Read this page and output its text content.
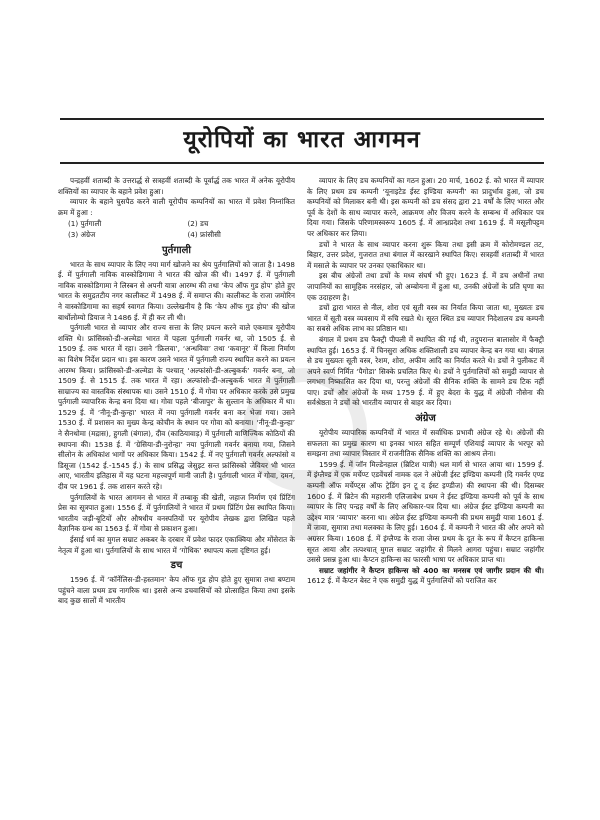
यूरोपियों का भारत आगमन

पन्द्रहवीं शताब्दी के उत्तरार्द्ध से सत्रहवीं शताब्दी के पूर्वार्द्ध तक भारत में अनेक यूरोपीय शक्तियों का व्यापार के बहाने प्रवेश हुआ।

व्यापार के बहाने घुसपैठ करने वाली यूरोपीय कम्पनियों का भारत में प्रवेश निम्नांकित क्रम में हुआ :

(1) पुर्तगाली	(2) डच
(3) अंग्रेज	(4) फ्रांसीसी
पुर्तगाली

भारत के साथ व्यापार के लिए नया मार्ग खोजने का श्रेय पुर्तगालियों को जाता है। 1498 ई. में पुर्तगाली नाविक वास्कोडिगामा ने भारत की खोज की थी। 1497 ई. में पुर्तगाली नाविक वास्कोडिगामा ने लिस्बन से अपनी यात्रा आरम्भ की तथा ‘केप ऑफ गुड होप’ होते हुए भारत के समुद्रतटीय नगर कालीकट में 1498 ई. में समाप्त की। कालीकट के राजा जमोरिन ने वास्कोडिगामा का सहर्ष स्वागत किया। उल्लेखनीय है कि ‘केप ऑफ गुड होप’ की खोज बार्थोलोम्यो डियाज ने 1486 ई. में ही कर ली थी।

पुर्तगाली भारत से व्यापार और राज्य सत्ता के लिए प्रयत्न करने वाले एकमात्र यूरोपीय शक्ति थे। फ्रांसिस्को-डी-अल्मेडा भारत में पहला पुर्तगाली गवर्नर था, जो 1505 ई. से 1509 ई. तक भारत में रहा। उसने ‘फ्रिलवा’, ‘अन्धविवा’ तथा ‘कवानूर’ में किला निर्माण का विशेष निर्देश प्रदान था। इस कारण उसने भारत में पुर्तगाली राज्य स्थापित करने का प्रयत्न आरम्भ किया। फ्रांसिस्को-डी-अल्मेडा के पश्चात् ‘अल्फांसो-डी-अल्बुकर्क’ गवर्नर बना, जो 1509 ई. से 1515 ई. तक भारत में रहा। अल्फांसो-डी-अल्बुकर्क भारत में पुर्तगाली साम्राज्य का वास्तविक संस्थापक था। उसने 1510 ई. में गोवा पर अधिकार करके उसे प्रमुख पुर्तगाली व्यापारिक केन्द्र बना दिया था। गोवा पहले ‘बीजापुर’ के सुल्तान के अधिकार में था। 1529 ई. में ‘नीनू-डी-कुन्हा’ भारत में नया पुर्तगाली गवर्नर बना कर भेजा गया। उसने 1530 ई. में प्रशासन का मुख्य केन्द्र कोचीन के स्थान पर गोवा को बनाया। ‘नीनू-डी-कुन्हा’ ने सैनथोमा (मद्रास), हुगली (बंगाल), दीव (काठियावाड़) में पुर्तगाली वाणिज्यिक कोठियों की स्थापना की। 1538 ई. में ‘ग्रेसिया-डी-नुरोन्हा’ नया पुर्तगाली गवर्नर बनाया गया, जिसने सीलोन के अधिकांश भागों पर अधिकार किया। 1542 ई. में नए पुर्तगाली गवर्नर अल्फांसो व डिसूजा (1542 ई.-1545 ई.) के साथ प्रसिद्ध जेसुइट सन्त फ्रांसिस्को जेवियर भी भारत आए, भारतीय इतिहास में यह घटना महत्त्वपूर्ण मानी जाती है। पुर्तगाली भारत में गोवा, दमन, दीव पर 1961 ई. तक शासन करते रहे।

पुर्तगालियों के भारत आगमन से भारत में तम्बाकू की खेती, जहाज निर्माण एवं प्रिंटिंग प्रेस का सूत्रपात हुआ। 1556 ई. में पुर्तगालियों ने भारत में प्रथम प्रिंटिंग प्रेस स्थापित किया। भारतीय जड़ी-बूटियों और औषधीय वनस्पतियों पर यूरोपीय लेखक द्वारा लिखित पहले वैज्ञानिक ग्रन्थ का 1563 ई. में गोवा से प्रकाशन हुआ।

ईसाई धर्म का मुगल सम्राट अकबर के दरबार में प्रवेश फादर एकाक्विया और मोंसेरात के नेतृत्व में हुआ था। पुर्तगालियों के साथ भारत में ‘गोथिक’ स्थापत्य कला दृष्टिगत हुई।

डच

1596 ई. में ‘कॉर्नेलिस-डी-हस्तमान’ केप ऑफ गुड होप होते हुए सुमात्रा तथा बण्टाम पहुंचने वाला प्रथम डच नागरिक था। इससे अन्य डचवासियों को प्रोत्साहित किया तथा इसके बाद कुछ सालों में भारतीय

व्यापार के लिए डच कम्पनियों का गठन हुआ। 20 मार्च, 1602 ई. को भारत में व्यापार के लिए प्रथम डच कम्पनी ‘यूनाइटेड ईस्ट इण्डिया कम्पनी’ का प्रादुर्भाव हुआ, जो डच कम्पनियों को मिलाकर बनी थी। इस कम्पनी को डच संसद द्वारा 21 वर्षों के लिए भारत और पूर्व के देशों के साथ व्यापार करने, आक्रमण और विजय करने के सम्बन्ध में अधिकार पत्र दिया गया। जिसके परिणामस्वरूप 1605 ई. में आन्ध्रप्रदेश तथा 1619 ई. में मसूलीपट्टम पर अधिकार कर लिया।

डचों ने भारत के साथ व्यापार करना शुरू किया तथा इसी क्रम में कोरोमण्डल तट, बिहार, उत्तर प्रदेश, गुजरात तथा बंगाल में कारखाने स्थापित किए। सत्रहवीं शताब्दी में भारत में मसाले के व्यापार पर उनका एकाधिकार था।

इस बीच अंग्रेजों तथा डचों के मध्य संघर्ष भी हुए। 1623 ई. में डच अधीनों तथा जापानियों का सामूहिक नरसंहार, जो अम्बोयना में हुआ था, उनकी अंग्रेजों के प्रति घृणा का एक उदाहरण है।

डचों द्वारा भारत से नील, शोरा एवं सूती वस्त्र का निर्यात किया जाता था, मुख्यतः डच भारत में सूती वस्त्र व्यवसाय में रुचि रखते थे। सूरत स्थित डच व्यापार निदेशालय डच कम्पनी का सबसे अधिक लाभ का प्रतिष्ठान था।

बंगाल में प्रथम डच फैक्ट्री पीपली में स्थापित की गई थी, तदुपरान्त बालासोर में फैक्ट्री स्थापित हुई। 1653 ई. में चिनसुरा अधिक शक्तिशाली डच व्यापार केन्द्र बन गया था। बंगाल से डच मुख्यतः सूती वस्त्र, रेशम, शोरा, अफीम आदि का निर्यात करते थे। डचों ने पुलीकट में अपने स्वर्ण निर्मित ‘पैगोडा’ सिक्के प्रचलित किए थे। डचों ने पुर्तगालियों को समुद्री व्यापार से लगभग निष्कासित कर दिया था, परन्तु अंग्रेजों की सैनिक शक्ति के सामने डच टिक नहीं पाए। डचों और अंग्रेजों के मध्य 1759 ई. में हुए बेदरा के युद्ध में अंग्रेजी नौसेना की सर्वश्रेष्ठता ने डचों को भारतीय व्यापार से बाहर कर दिया।

अंग्रेज

यूरोपीय व्यापारिक कम्पनियों में भारत में सर्वाधिक प्रभावी अंग्रेज रहे थे। अंग्रेजों की सफलता का प्रमुख कारण था इनका भारत सहित सम्पूर्ण एशियाई व्यापार के भरपूर को समझना तथा व्यापार विस्तार में राजनीतिक सैनिक शक्ति का आश्रय लेना।

1599 ई. में जॉन मिल्डेनहाल (ब्रिटिश यात्री) थल मार्ग से भारत आया था। 1599 ई. में इंग्लैण्ड में एक मर्चेण्ट एडवेंचर्स नामक दल ने अंग्रेजी ईस्ट इण्डिया कम्पनी (दि गवर्नर एण्ड कम्पनी ऑफ मर्चेण्ट्स ऑफ ट्रेडिंग इन टू द ईस्ट इण्डीज) की स्थापना की थी। दिसम्बर 1600 ई. में ब्रिटेन की महारानी एलिजाबेथ प्रथम ने ईस्ट इण्डिया कम्पनी को पूर्व के साथ व्यापार के लिए पन्द्रह वर्षों के लिए अधिकार-पत्र दिया था। अंग्रेज ईस्ट इण्डिया कम्पनी का उद्देश्य मात्र ‘व्यापार’ करना था। अंग्रेज ईस्ट इण्डिया कम्पनी की प्रथम समुद्री यात्रा 1601 ई. में जावा, सुमात्रा तथा मलक्का के लिए हुई। 1604 ई. में कम्पनी ने भारत की और अपने को अग्रसर किया। 1608 ई. में इंग्लैण्ड के राजा जेम्स प्रथम के दूत के रूप में कैप्टन हाकिन्स सूरत आया और तत्पश्चात् मुगल सम्राट जहांगीर से मिलने आगरा पहुंचा। सम्राट जहांगीर उससे प्रसन्न हुआ था। कैप्टन हाकिन्स का फारसी भाषा पर अधिकार प्राप्त था।

सम्राट जहांगीर ने कैप्टन हाकिन्स को 400 का मनसब एवं जागीर प्रदान की थी। 1612 ई. में कैप्टन बेस्ट ने एक समुद्री युद्ध में पुर्तगालियों को पराजित कर
